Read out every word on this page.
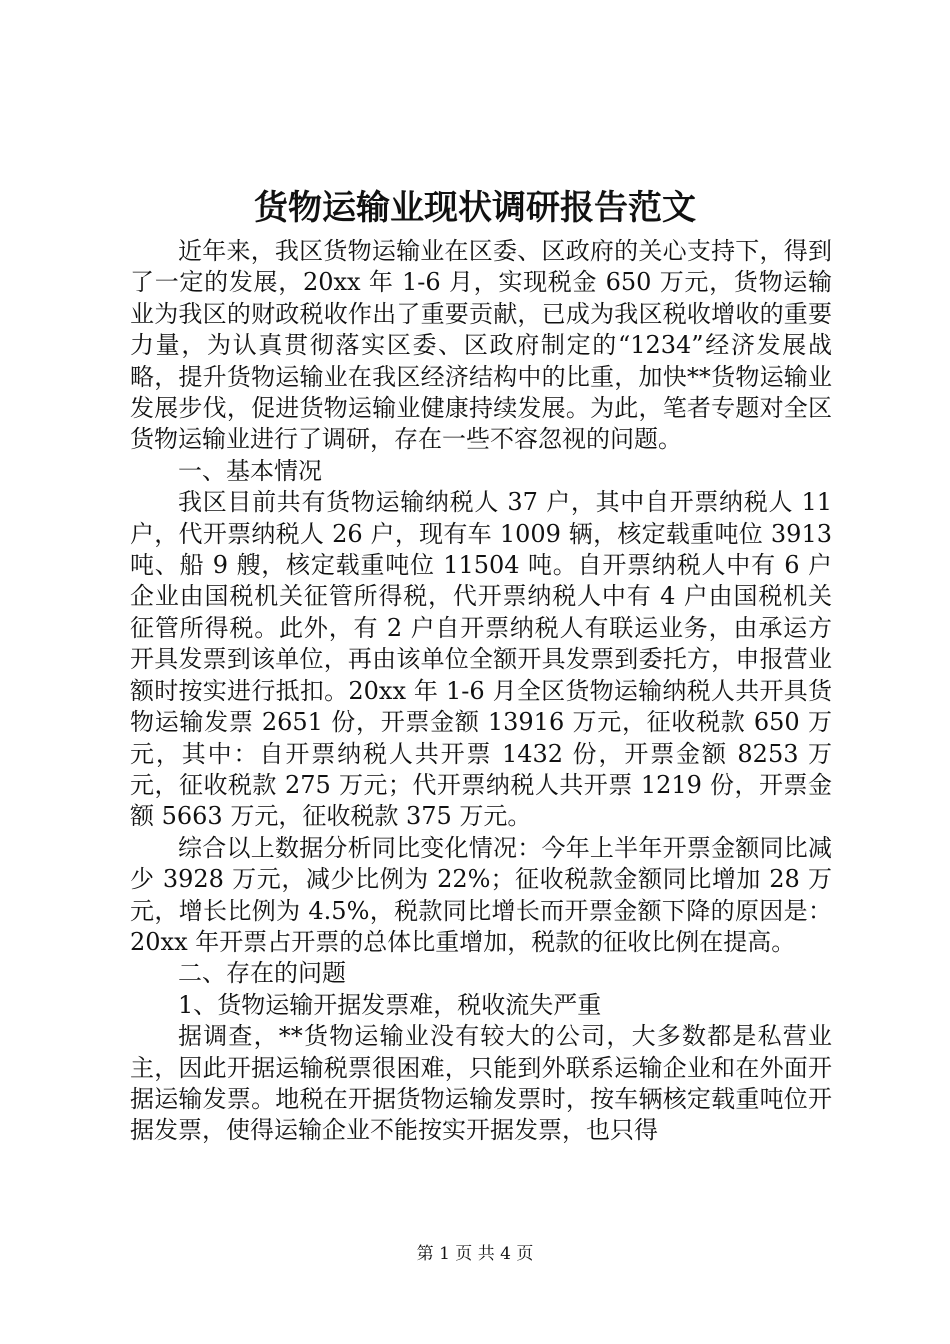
货物运输业现状调研报告范文

近年来，我区货物运输业在区委、区政府的关心支持下，得到了一定的发展，20xx 年 1-6 月，实现税金 650 万元，货物运输业为我区的财政税收作出了重要贡献，已成为我区税收增收的重要力量，为认真贯彻落实区委、区政府制定的“1234”经济发展战略，提升货物运输业在我区经济结构中的比重，加快**货物运输业发展步伐，促进货物运输业健康持续发展。为此，笔者专题对全区货物运输业进行了调研，存在一些不容忽视的问题。

一、基本情况

我区目前共有货物运输纳税人 37 户，其中自开票纳税人 11 户，代开票纳税人 26 户，现有车 1009 辆，核定载重吨位 3913 吨、船 9 艘，核定载重吨位 11504 吨。自开票纳税人中有 6 户企业由国税机关征管所得税，代开票纳税人中有 4 户由国税机关征管所得税。此外，有 2 户自开票纳税人有联运业务，由承运方开具发票到该单位，再由该单位全额开具发票到委托方，申报营业额时按实进行抵扣。20xx 年 1-6 月全区货物运输纳税人共开具货物运输发票 2651 份，开票金额 13916 万元，征收税款 650 万元，其中：自开票纳税人共开票 1432 份，开票金额 8253 万元，征收税款 275 万元；代开票纳税人共开票 1219 份，开票金额 5663 万元，征收税款 375 万元。

综合以上数据分析同比变化情况：今年上半年开票金额同比减少 3928 万元，减少比例为 22%；征收税款金额同比增加 28 万元，增长比例为 4.5%，税款同比增长而开票金额下降的原因是：20xx 年开票占开票的总体比重增加，税款的征收比例在提高。

二、存在的问题

1、货物运输开据发票难，税收流失严重

据调查，**货物运输业没有较大的公司，大多数都是私营业主，因此开据运输税票很困难，只能到外联系运输企业和在外面开据运输发票。地税在开据货物运输发票时，按车辆核定载重吨位开据发票，使得运输企业不能按实开据发票，也只得

第 1 页 共 4 页
